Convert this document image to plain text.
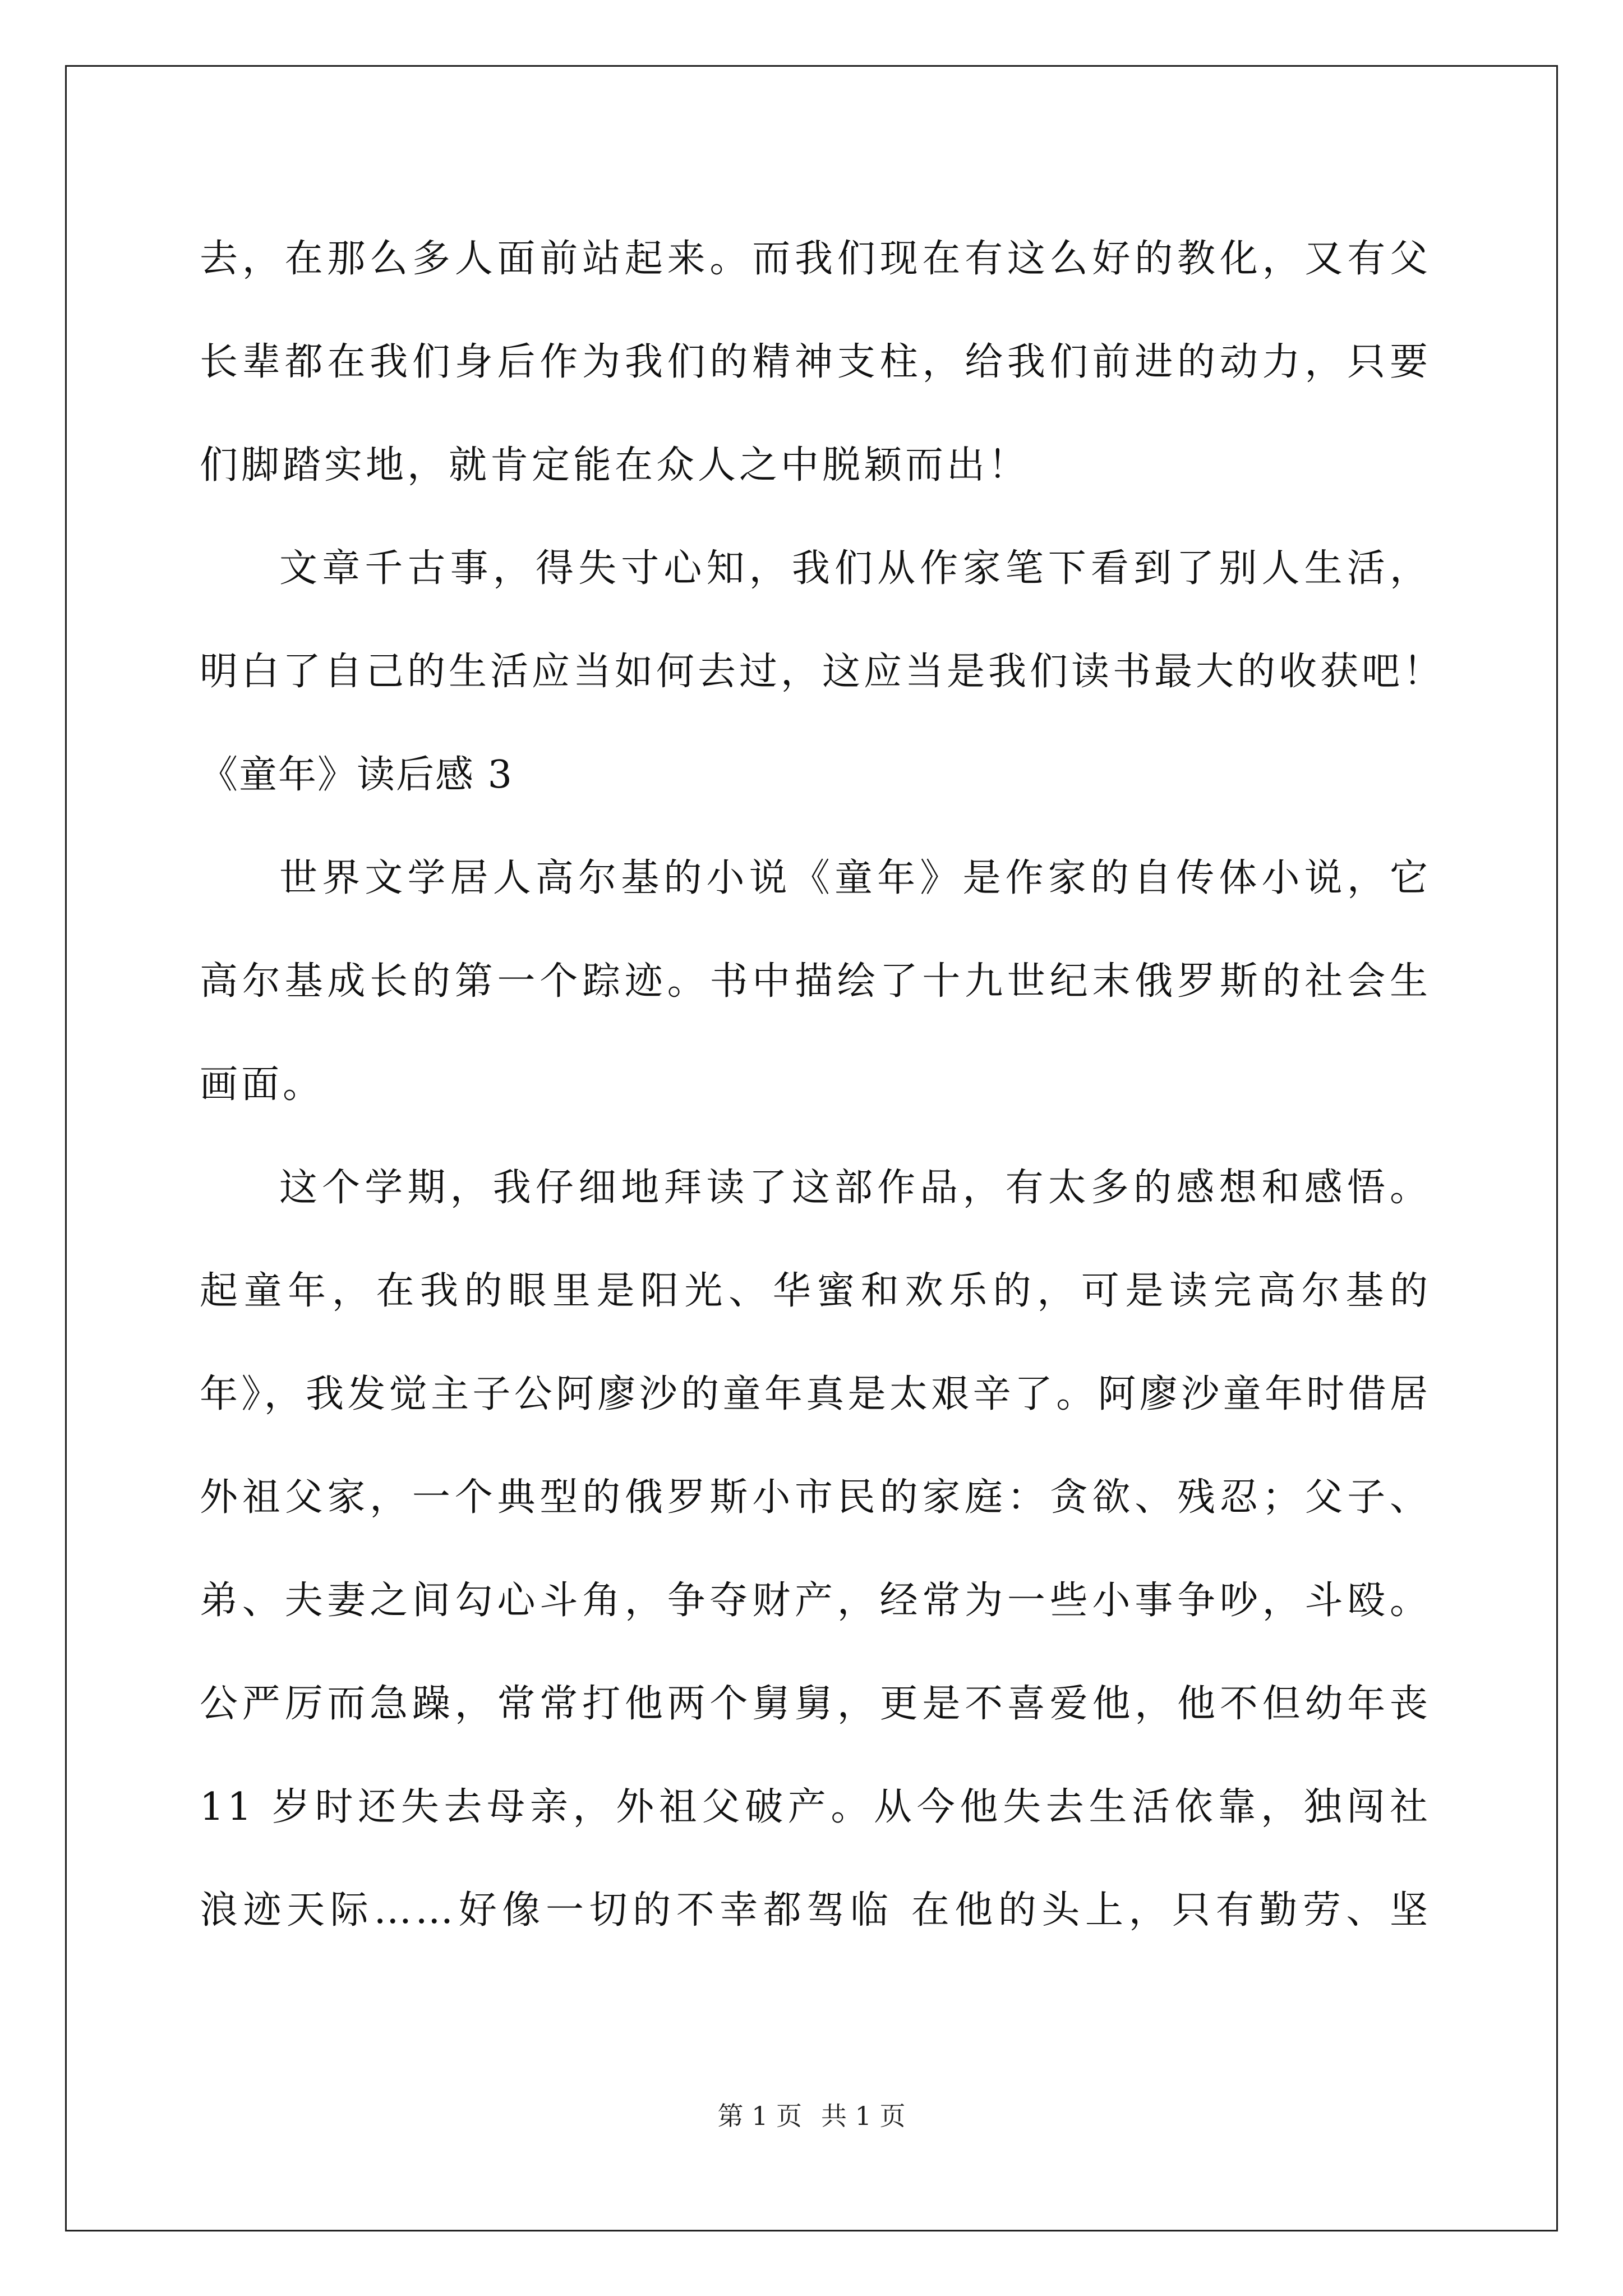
去，在那么多人面前站起来。而我们现在有这么好的教化，又有父
长辈都在我们身后作为我们的精神支柱，给我们前进的动力，只要
们脚踏实地，就肯定能在众人之中脱颖而出！
文章千古事，得失寸心知，我们从作家笔下看到了别人生活，
明白了自己的生活应当如何去过，这应当是我们读书最大的收获吧！
《童年》读后感 3
世界文学居人高尔基的小说《童年》是作家的自传体小说，它
高尔基成长的第一个踪迹。书中描绘了十九世纪末俄罗斯的社会生
画面。
这个学期，我仔细地拜读了这部作品，有太多的感想和感悟。
起童年，在我的眼里是阳光、华蜜和欢乐的，可是读完高尔基的
年》，我发觉主子公阿廖沙的童年真是太艰辛了。阿廖沙童年时借居
外祖父家，一个典型的俄罗斯小市民的家庭：贪欲、残忍；父子、
弟、夫妻之间勾心斗角，争夺财产，经常为一些小事争吵，斗殴。
公严厉而急躁，常常打他两个舅舅，更是不喜爱他，他不但幼年丧
11 岁时还失去母亲，外祖父破产。从今他失去生活依靠，独闯社
浪迹天际……好像一切的不幸都驾临 在他的头上，只有勤劳、坚
第 1 页 共 1 页
